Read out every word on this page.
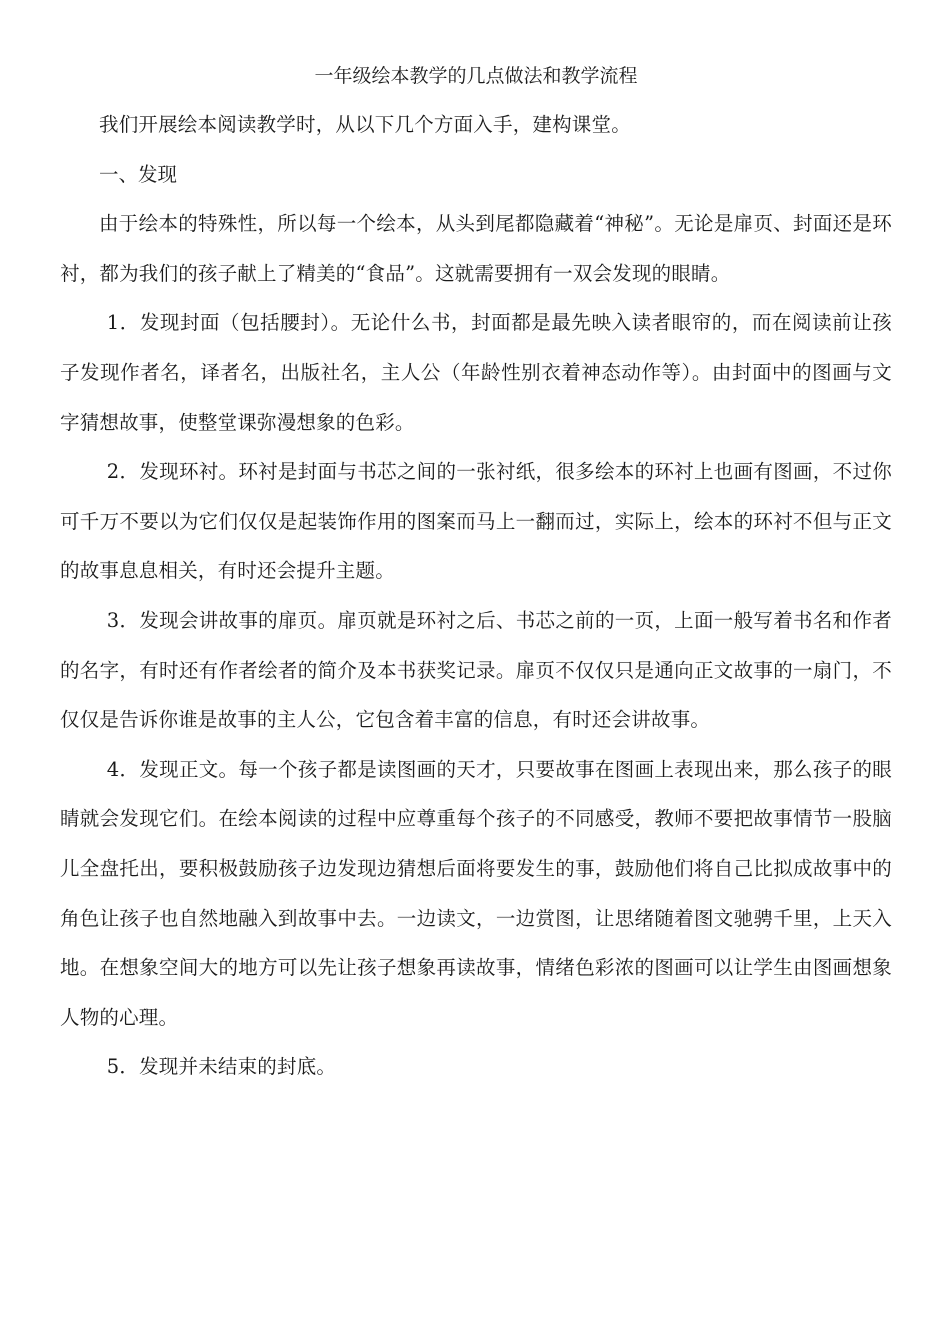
一年级绘本教学的几点做法和教学流程

我们开展绘本阅读教学时，从以下几个方面入手，建构课堂。

一、发现

由于绘本的特殊性，所以每一个绘本，从头到尾都隐藏着“神秘”。无论是扉页、封面还是环衬，都为我们的孩子献上了精美的“食品”。这就需要拥有一双会发现的眼睛。

1．发现封面（包括腰封）。无论什么书，封面都是最先映入读者眼帘的，而在阅读前让孩子发现作者名，译者名，出版社名，主人公（年龄性别衣着神态动作等）。由封面中的图画与文字猜想故事，使整堂课弥漫想象的色彩。

2．发现环衬。环衬是封面与书芯之间的一张衬纸，很多绘本的环衬上也画有图画，不过你可千万不要以为它们仅仅是起装饰作用的图案而马上一翻而过，实际上，绘本的环衬不但与正文的故事息息相关，有时还会提升主题。

3．发现会讲故事的扉页。扉页就是环衬之后、书芯之前的一页，上面一般写着书名和作者的名字，有时还有作者绘者的简介及本书获奖记录。扉页不仅仅只是通向正文故事的一扇门，不仅仅是告诉你谁是故事的主人公，它包含着丰富的信息，有时还会讲故事。

4．发现正文。每一个孩子都是读图画的天才，只要故事在图画上表现出来，那么孩子的眼睛就会发现它们。在绘本阅读的过程中应尊重每个孩子的不同感受，教师不要把故事情节一股脑儿全盘托出，要积极鼓励孩子边发现边猜想后面将要发生的事，鼓励他们将自己比拟成故事中的角色让孩子也自然地融入到故事中去。一边读文，一边赏图，让思绪随着图文驰骋千里，上天入地。在想象空间大的地方可以先让孩子想象再读故事，情绪色彩浓的图画可以让学生由图画想象人物的心理。

5．发现并未结束的封底。
